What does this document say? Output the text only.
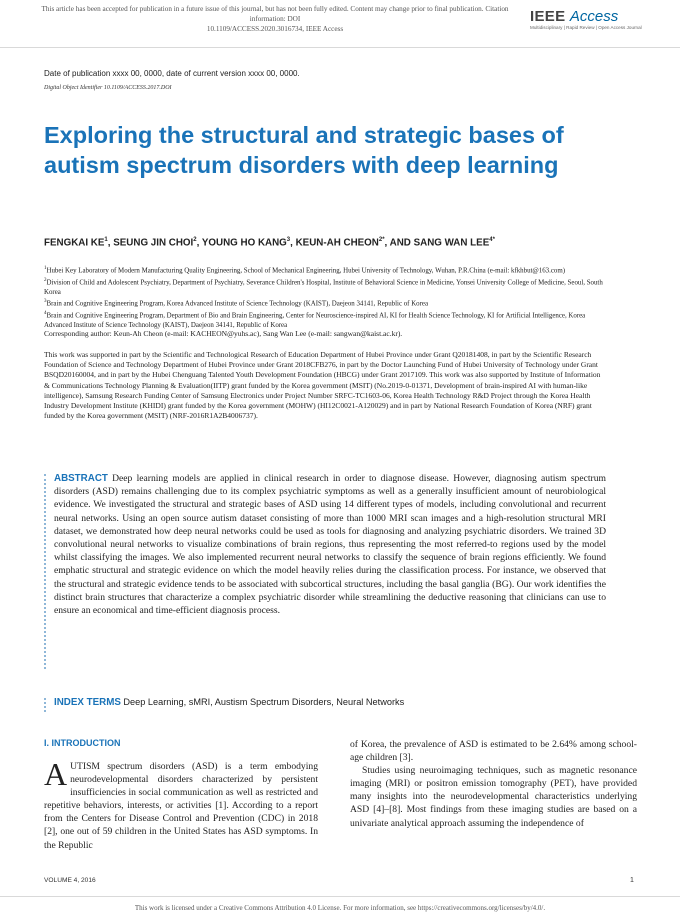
This article has been accepted for publication in a future issue of this journal, but has not been fully edited. Content may change prior to final publication. Citation information: DOI
10.1109/ACCESS.2020.3016734, IEEE Access
IEEE Access
Multidisciplinary | Rapid Review | Open Access Journal
Date of publication xxxx 00, 0000, date of current version xxxx 00, 0000.
Digital Object Identifier 10.1109/ACCESS.2017.DOI
Exploring the structural and strategic bases of autism spectrum disorders with deep learning
FENGKAI $KE^1$, SEUNG JIN CHOI$^2$, YOUNG HO KANG$^3$, KEUN-AH $CHEON^{2*}$, AND SANG WAN $LEE^{4*}$
$^1$Hubei Key Laboratory of Modern Manufacturing Quality Engineering, School of Mechanical Engineering, Hubei University of Technology, Wuhan, P.R.China (e-mail: kfkhbut@163.com)
$^2$Division of Child and Adolescent Psychiatry, Department of Psychiatry, Severance Children's Hospital, Institute of Behavioral Science in Medicine, Yonsei University College of Medicine, Seoul, South Korea
$^3$Brain and Cognitive Engineering Program, Korea Advanced Institute of Science Technology (KAIST), Daejeon 34141, Republic of Korea
$^4$Brain and Cognitive Engineering Program, Department of Bio and Brain Engineering, Center for Neuroscience-inspired AI, KI for Health Science Technology, KI for Artificial Intelligence, Korea Advanced Institute of Science Technology (KAIST), Daejeon 34141, Republic of Korea
Corresponding author: Keun-Ah Cheon (e-mail: KACHEON@yuhs.ac), Sang Wan Lee (e-mail: sangwan@kaist.ac.kr).
This work was supported in part by the Scientific and Technological Research of Education Department of Hubei Province under Grant Q20181408, in part by the Scientific Research Foundation of Science and Technology Department of Hubei Province under Grant 2018CFB276, in part by the Doctor Launching Fund of Hubei University of Technology under Grant BSQD20160004, and in part by the Hubei Chenguang Talented Youth Development Foundation (HBCG) under Grant 2017109. This work was also supported by Institute of Information & Communications Technology Planning & Evaluation(IITP) grant funded by the Korea government (MSIT) (No.2019-0-01371, Development of brain-inspired AI with human-like intelligence), Samsung Research Funding Center of Samsung Electronics under Project Number SRFC-TC1603-06, Korea Health Technology R&D Project through the Korea Health Industry Development Institute (KHIDI) grant funded by the Korea government (MOHW) (HI12C0021-A120029) and in part by National Research Foundation of Korea (NRF) grant funded by the Korea government (MSIT) (NRF-2016R1A2B4006737).
ABSTRACT Deep learning models are applied in clinical research in order to diagnose disease. However, diagnosing autism spectrum disorders (ASD) remains challenging due to its complex psychiatric symptoms as well as a generally insufficient amount of neurobiological evidence. We investigated the structural and strategic bases of ASD using 14 different types of models, including convolutional and recurrent neural networks. Using an open source autism dataset consisting of more than 1000 MRI scan images and a high-resolution structural MRI dataset, we demonstrated how deep neural networks could be used as tools for diagnosing and analyzing psychiatric disorders. We trained 3D convolutional neural networks to visualize combinations of brain regions, thus representing the most referred-to regions used by the model whilst classifying the images. We also implemented recurrent neural networks to classify the sequence of brain regions efficiently. We found emphatic structural and strategic evidence on which the model heavily relies during the classification process. For instance, we observed that the structural and strategic evidence tends to be associated with subcortical structures, including the basal ganglia (BG). Our work identifies the distinct brain structures that characterize a complex psychiatric disorder while streamlining the deductive reasoning that clinicians can use to ensure an economical and time-efficient diagnosis process.
INDEX TERMS Deep Learning, sMRI, Austism Spectrum Disorders, Neural Networks
I. INTRODUCTION
AUTISM spectrum disorders (ASD) is a term embodying neurodevelopmental disorders characterized by persistent insufficiencies in social communication as well as restricted and repetitive behaviors, interests, or activities [1]. According to a report from the Centers for Disease Control and Prevention (CDC) in 2018 [2], one out of 59 children in the United States has ASD symptoms. In the Republic
of Korea, the prevalence of ASD is estimated to be 2.64% among school-age children [3].
Studies using neuroimaging techniques, such as magnetic resonance imaging (MRI) or positron emission tomography (PET), have provided many insights into the neurodevelopmental characteristics underlying ASD [4]–[8]. Most findings from these imaging studies are based on a univariate analytical approach assuming the independence of
VOLUME 4, 2016	1
This work is licensed under a Creative Commons Attribution 4.0 License. For more information, see https://creativecommons.org/licenses/by/4.0/.
